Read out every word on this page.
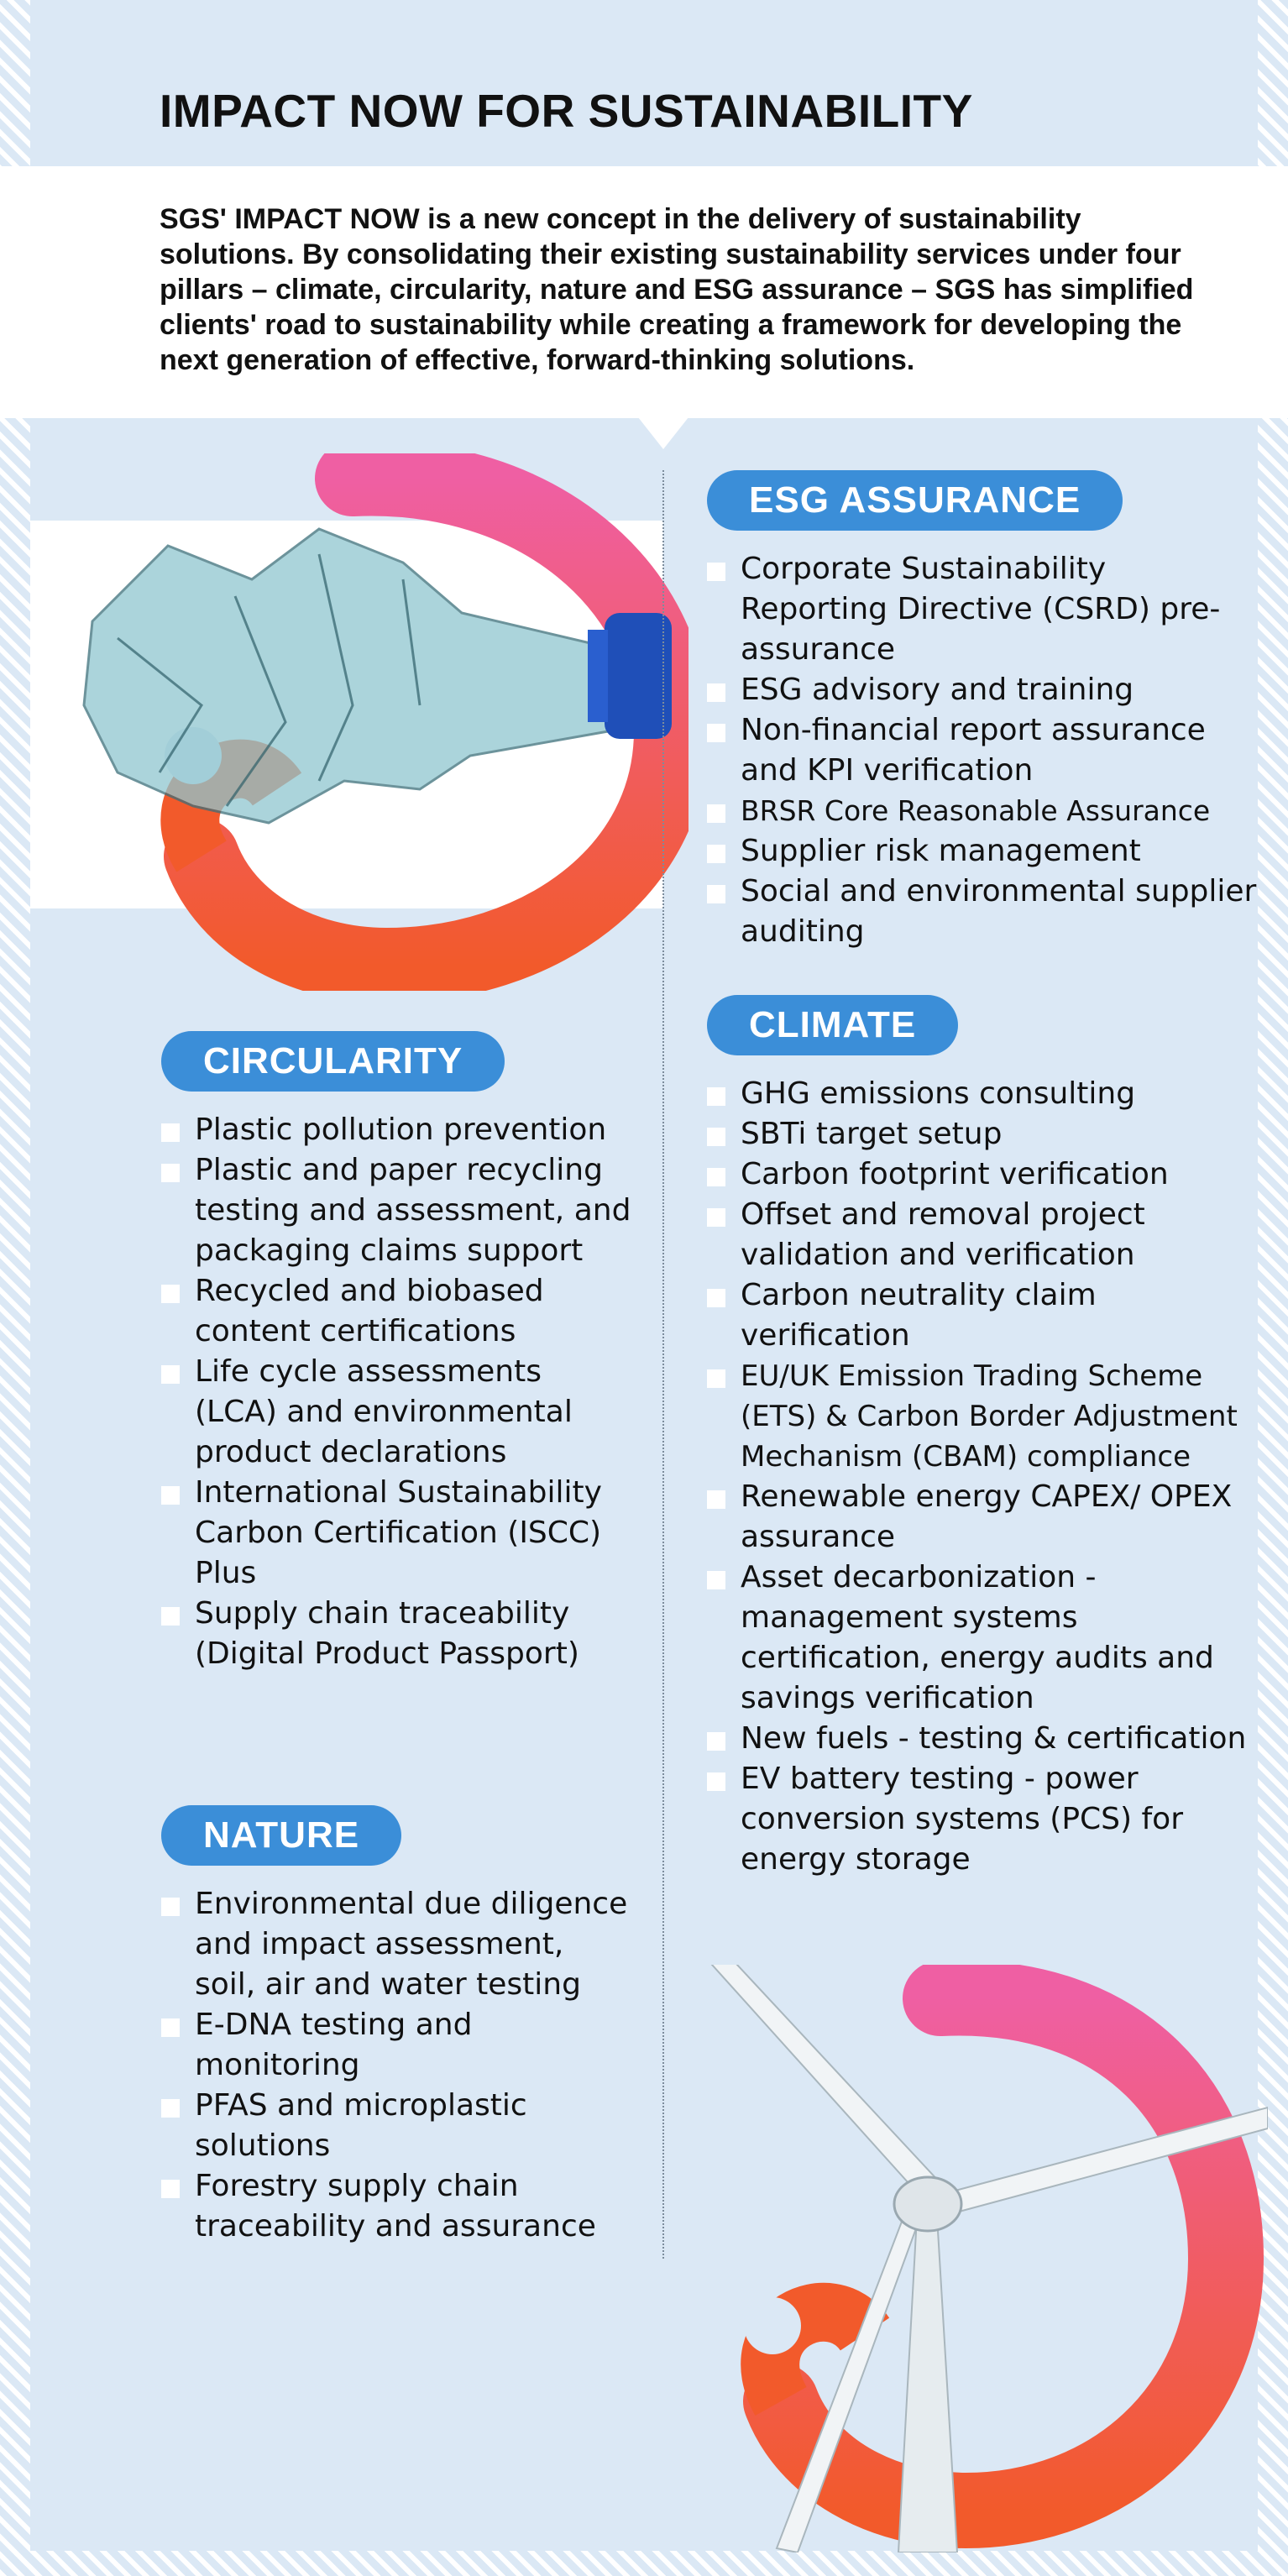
IMPACT NOW FOR SUSTAINABILITY

SGS' IMPACT NOW is a new concept in the delivery of sustainability solutions. By consolidating their existing sustainability services under four pillars – climate, circularity, nature and ESG assurance – SGS has simplified clients' road to sustainability while creating a framework for developing the next generation of effective, forward-thinking solutions.

ESG ASSURANCE
Corporate Sustainability Reporting Directive (CSRD) pre-assurance
ESG advisory and training
Non-financial report assurance and KPI verification
BRSR Core Reasonable Assurance
Supplier risk management
Social and environmental supplier auditing
CLIMATE
GHG emissions consulting
SBTi target setup
Carbon footprint verification
Offset and removal project validation and verification
Carbon neutrality claim verification
EU/UK Emission Trading Scheme (ETS) & Carbon Border Adjustment Mechanism (CBAM) compliance
Renewable energy CAPEX/ OPEX assurance
Asset decarbonization - management systems certification, energy audits and savings verification
New fuels - testing & certification
EV battery testing - power conversion systems (PCS) for energy storage
CIRCULARITY
Plastic pollution prevention
Plastic and paper recycling testing and assessment, and packaging claims support
Recycled and biobased content certifications
Life cycle assessments (LCA) and environmental product declarations
International Sustainability Carbon Certification (ISCC) Plus
Supply chain traceability (Digital Product Passport)
NATURE
Environmental due diligence and impact assessment, soil, air and water testing
E-DNA testing and monitoring
PFAS and microplastic solutions
Forestry supply chain traceability and assurance
